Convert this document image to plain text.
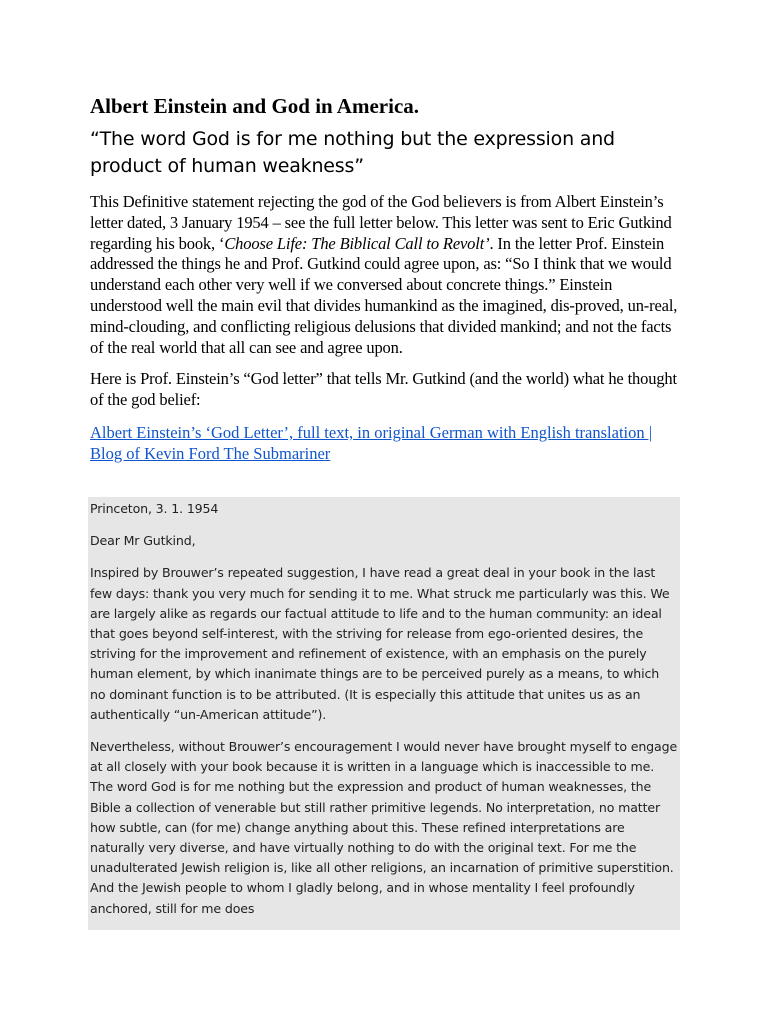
Albert Einstein and God in America.
“The word God is for me nothing but the expression and product of human weakness”

This Definitive statement rejecting the god of the God believers is from Albert Einstein’s letter dated, 3 January 1954 – see the full letter below. This letter was sent to Eric Gutkind regarding his book, ‘Choose Life: The Biblical Call to Revolt’. In the letter Prof. Einstein addressed the things he and Prof. Gutkind could agree upon, as: “So I think that we would understand each other very well if we conversed about concrete things.” Einstein understood well the main evil that divides humankind as the imagined, dis-proved, un-real, mind-clouding, and conflicting religious delusions that divided mankind; and not the facts of the real world that all can see and agree upon.

Here is Prof. Einstein’s “God letter” that tells Mr. Gutkind (and the world) what he thought of the god belief:

Albert Einstein’s ‘God Letter’, full text, in original German with English translation | Blog of Kevin Ford The Submariner

Princeton, 3. 1. 1954

Dear Mr Gutkind,

Inspired by Brouwer’s repeated suggestion, I have read a great deal in your book in the last few days: thank you very much for sending it to me. What struck me particularly was this. We are largely alike as regards our factual attitude to life and to the human community: an ideal that goes beyond self-interest, with the striving for release from ego-oriented desires, the striving for the improvement and refinement of existence, with an emphasis on the purely human element, by which inanimate things are to be perceived purely as a means, to which no dominant function is to be attributed. (It is especially this attitude that unites us as an authentically “un-American attitude”).

Nevertheless, without Brouwer’s encouragement I would never have brought myself to engage at all closely with your book because it is written in a language which is inaccessible to me. The word God is for me nothing but the expression and product of human weaknesses, the Bible a collection of venerable but still rather primitive legends. No interpretation, no matter how subtle, can (for me) change anything about this. These refined interpretations are naturally very diverse, and have virtually nothing to do with the original text. For me the unadulterated Jewish religion is, like all other religions, an incarnation of primitive superstition. And the Jewish people to whom I gladly belong, and in whose mentality I feel profoundly anchored, still for me does
